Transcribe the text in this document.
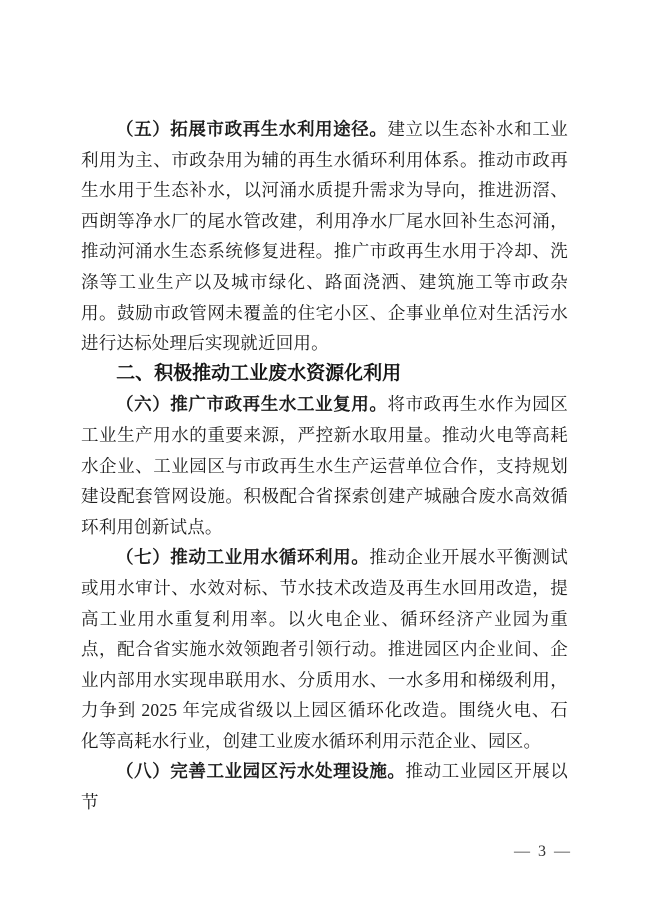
（五）拓展市政再生水利用途径。建立以生态补水和工业利用为主、市政杂用为辅的再生水循环利用体系。推动市政再生水用于生态补水，以河涌水质提升需求为导向，推进沥滘、西朗等净水厂的尾水管改建，利用净水厂尾水回补生态河涌，推动河涌水生态系统修复进程。推广市政再生水用于冷却、洗涤等工业生产以及城市绿化、路面浇洒、建筑施工等市政杂用。鼓励市政管网未覆盖的住宅小区、企事业单位对生活污水进行达标处理后实现就近回用。

二、积极推动工业废水资源化利用

（六）推广市政再生水工业复用。将市政再生水作为园区工业生产用水的重要来源，严控新水取用量。推动火电等高耗水企业、工业园区与市政再生水生产运营单位合作，支持规划建设配套管网设施。积极配合省探索创建产城融合废水高效循环利用创新试点。

（七）推动工业用水循环利用。推动企业开展水平衡测试或用水审计、水效对标、节水技术改造及再生水回用改造，提高工业用水重复利用率。以火电企业、循环经济产业园为重点，配合省实施水效领跑者引领行动。推进园区内企业间、企业内部用水实现串联用水、分质用水、一水多用和梯级利用，力争到 2025 年完成省级以上园区循环化改造。围绕火电、石化等高耗水行业，创建工业废水循环利用示范企业、园区。

（八）完善工业园区污水处理设施。推动工业园区开展以节

— 3 —
